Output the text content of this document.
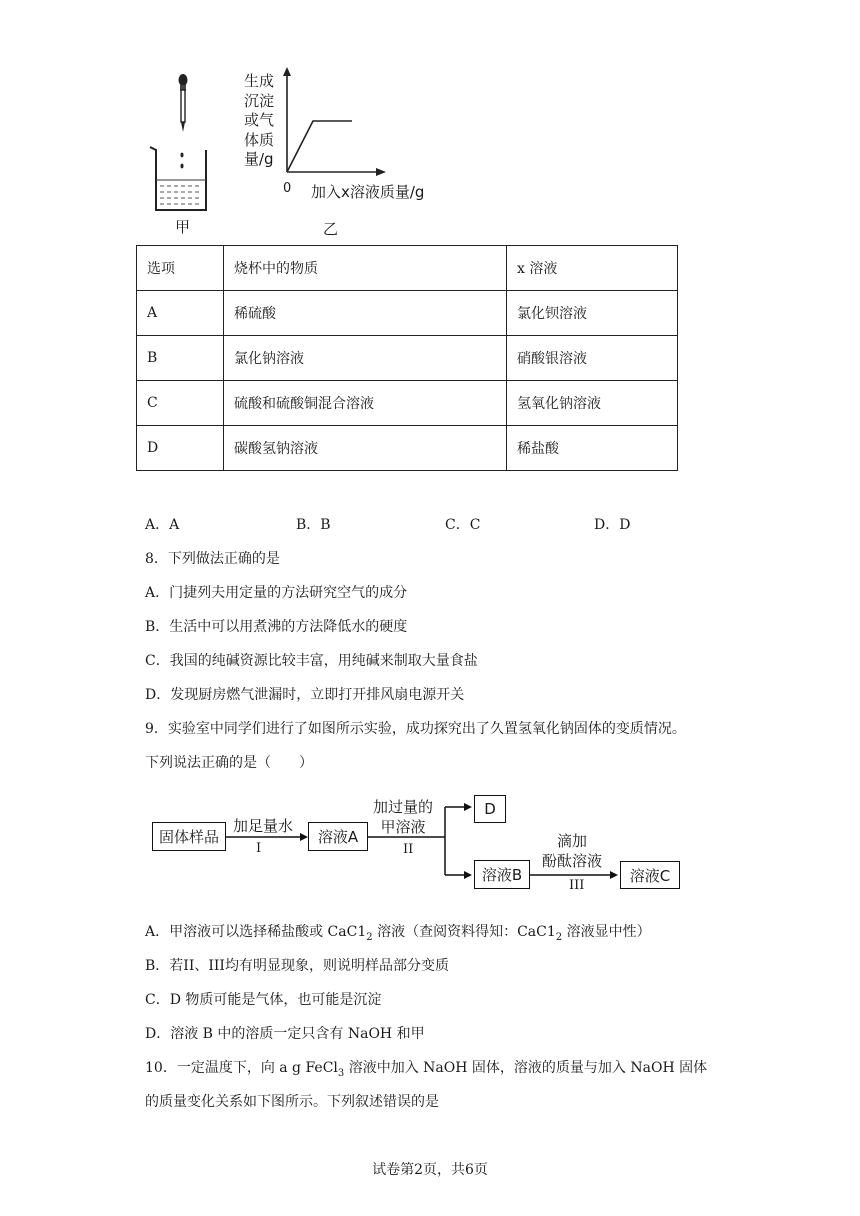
甲
生成
沉淀
或气
体质
量/g
0 加入x溶液质量/g
乙
选项	烧杯中的物质	x 溶液
A	稀硫酸	氯化钡溶液
B	氯化钠溶液	硝酸银溶液
C	硫酸和硫酸铜混合溶液	氢氧化钠溶液
D	碳酸氢钠溶液	稀盐酸
A．A	B．B	C．C	D．D
8．下列做法正确的是
A．门捷列夫用定量的方法研究空气的成分
B．生活中可以用煮沸的方法降低水的硬度
C．我国的纯碱资源比较丰富，用纯碱来制取大量食盐
D．发现厨房燃气泄漏时，立即打开排风扇电源开关
9．实验室中同学们进行了如图所示实验，成功探究出了久置氢氧化钠固体的变质情况。
下列说法正确的是（　　）
固体样品
加足量水
I
溶液A
加过量的
甲溶液
II
D
溶液B
滴加
酚酞溶液
III
溶液C
A．甲溶液可以选择稀盐酸或 $CaC1_2$ 溶液（查阅资料得知：$CaC1_2$ 溶液显中性）
B．若II、III均有明显现象，则说明样品部分变质
C．D 物质可能是气体，也可能是沉淀
D．溶液 B 中的溶质一定只含有 NaOH 和甲
10．一定温度下，向 a g FeCl$_3$ 溶液中加入 NaOH 固体，溶液的质量与加入 NaOH 固体
的质量变化关系如下图所示。下列叙述错误的是
试卷第2页，共6页
